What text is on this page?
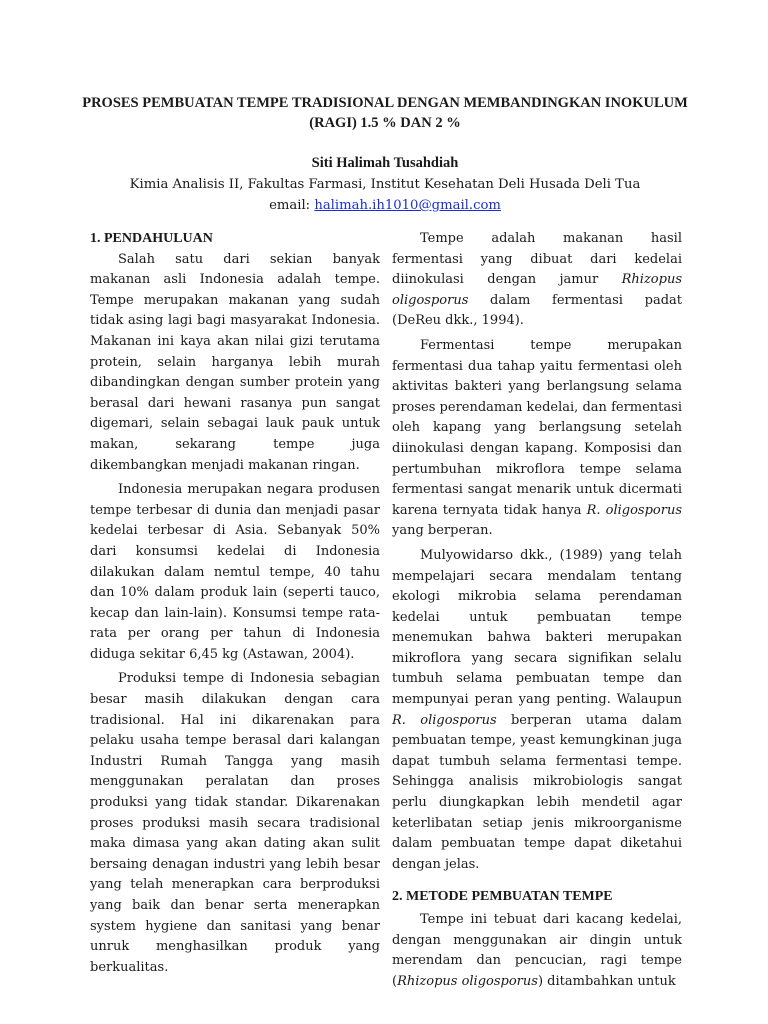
PROSES PEMBUATAN TEMPE TRADISIONAL DENGAN MEMBANDINGKAN INOKULUM (RAGI) 1.5 % DAN 2 %
Siti Halimah Tusahdiah
Kimia Analisis II, Fakultas Farmasi, Institut Kesehatan Deli Husada Deli Tua
email: halimah.ih1010@gmail.com
1. PENDAHULUAN

Salah satu dari sekian banyak makanan asli Indonesia adalah tempe. Tempe merupakan makanan yang sudah tidak asing lagi bagi masyarakat Indonesia. Makanan ini kaya akan nilai gizi terutama protein, selain harganya lebih murah dibandingkan dengan sumber protein yang berasal dari hewani rasanya pun sangat digemari, selain sebagai lauk pauk untuk makan, sekarang tempe juga dikembangkan menjadi makanan ringan.

Indonesia merupakan negara produsen tempe terbesar di dunia dan menjadi pasar kedelai terbesar di Asia. Sebanyak 50% dari konsumsi kedelai di Indonesia dilakukan dalam nemtul tempe, 40 tahu dan 10% dalam produk lain (seperti tauco, kecap dan lain-lain). Konsumsi tempe rata-rata per orang per tahun di Indonesia diduga sekitar 6,45 kg (Astawan, 2004).

Produksi tempe di Indonesia sebagian besar masih dilakukan dengan cara tradisional. Hal ini dikarenakan para pelaku usaha tempe berasal dari kalangan Industri Rumah Tangga yang masih menggunakan peralatan dan proses produksi yang tidak standar. Dikarenakan proses produksi masih secara tradisional maka dimasa yang akan dating akan sulit bersaing denagan industri yang lebih besar yang telah menerapkan cara berproduksi yang baik dan benar serta menerapkan system hygiene dan sanitasi yang benar unruk menghasilkan produk yang berkualitas.

Tempe adalah makanan hasil fermentasi yang dibuat dari kedelai diinokulasi dengan jamur Rhizopus oligosporus dalam fermentasi padat (DeReu dkk., 1994).

Fermentasi tempe merupakan fermentasi dua tahap yaitu fermentasi oleh aktivitas bakteri yang berlangsung selama proses perendaman kedelai, dan fermentasi oleh kapang yang berlangsung setelah diinokulasi dengan kapang. Komposisi dan pertumbuhan mikroflora tempe selama fermentasi sangat menarik untuk dicermati karena ternyata tidak hanya R. oligosporus yang berperan.

Mulyowidarso dkk., (1989) yang telah mempelajari secara mendalam tentang ekologi mikrobia selama perendaman kedelai untuk pembuatan tempe menemukan bahwa bakteri merupakan mikroflora yang secara signifikan selalu tumbuh selama pembuatan tempe dan mempunyai peran yang penting. Walaupun R. oligosporus berperan utama dalam pembuatan tempe, yeast kemungkinan juga dapat tumbuh selama fermentasi tempe. Sehingga analisis mikrobiologis sangat perlu diungkapkan lebih mendetil agar keterlibatan setiap jenis mikroorganisme dalam pembuatan tempe dapat diketahui dengan jelas.

2. METODE PEMBUATAN TEMPE

Tempe ini tebuat dari kacang kedelai, dengan menggunakan air dingin untuk merendam dan pencucian, ragi tempe (Rhizopus oligosporus) ditambahkan untuk
